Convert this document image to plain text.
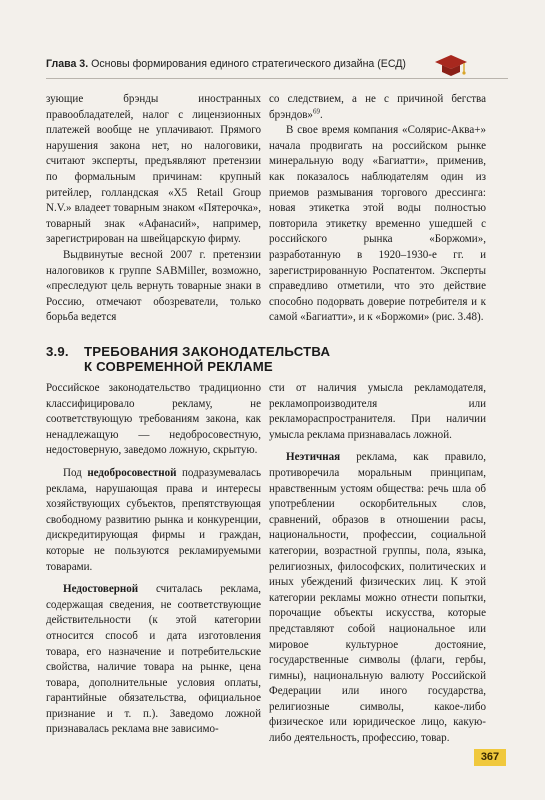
Глава 3. Основы формирования единого стратегического дизайна (ЕСД)

зующие брэнды иностранных правообладателей, налог с лицензионных платежей вообще не уплачивают. Прямого нарушения закона нет, но налоговики, считают эксперты, предъявляют претензии по формальным причинам: крупный ритейлер, голландская «X5 Retail Group N.V.» владеет товарным знаком «Пятерочка», товарный знак «Афанасий», например, зарегистрирован на швейцарскую фирму.

Выдвинутые весной 2007 г. претензии налоговиков к группе SABMiller, возможно, «преследуют цель вернуть товарные знаки в Россию, отмечают обозреватели, только борьба ведется

со следствием, а не с причиной бегства брэндов»$^{69}$.

В свое время компания «Солярис-Аква+» начала продвигать на российском рынке минеральную воду «Багиатти», применив, как показалось наблюдателям один из приемов размывания торгового дрессинга: новая этикетка этой воды полностью повторила этикетку временно ушедшей с российского рынка «Боржоми», разработанную в 1920–1930-е гг. и зарегистрированную Роспатентом. Эксперты справедливо отметили, что это действие способно подорвать доверие потребителя и к самой «Багиатти», и к «Боржоми» (рис. 3.48).

3.9. ТРЕБОВАНИЯ ЗАКОНОДАТЕЛЬСТВА
К СОВРЕМЕННОЙ РЕКЛАМЕ

Российское законодательство традиционно классифицировало рекламу, не соответствующую требованиям закона, как ненадлежащую — недобросовестную, недостоверную, заведомо ложную, скрытую.

Под недобросовестной подразумевалась реклама, нарушающая права и интересы хозяйствующих субъектов, препятствующая свободному развитию рынка и конкуренции, дискредитирующая фирмы и граждан, которые не пользуются рекламируемыми товарами.

Недостоверной считалась реклама, содержащая сведения, не соответствующие действительности (к этой категории относится способ и дата изготовления товара, его назначение и потребительские свойства, наличие товара на рынке, цена товара, дополнительные условия оплаты, гарантийные обязательства, официальное признание и т. п.). Заведомо ложной признавалась реклама вне зависимо-

сти от наличия умысла рекламодателя, рекламопроизводителя или рекламораспространителя. При наличии умысла реклама признавалась ложной.

Неэтичная реклама, как правило, противоречила моральным принципам, нравственным устоям общества: речь шла об употреблении оскорбительных слов, сравнений, образов в отношении расы, национальности, профессии, социальной категории, возрастной группы, пола, языка, религиозных, философских, политических и иных убеждений физических лиц. К этой категории рекламы можно отнести попытки, порочащие объекты искусства, которые представляют собой национальное или мировое культурное достояние, государственные символы (флаги, гербы, гимны), национальную валюту Российской Федерации или иного государства, религиозные символы, какое-либо физическое или юридическое лицо, какую-либо деятельность, профессию, товар.

367
